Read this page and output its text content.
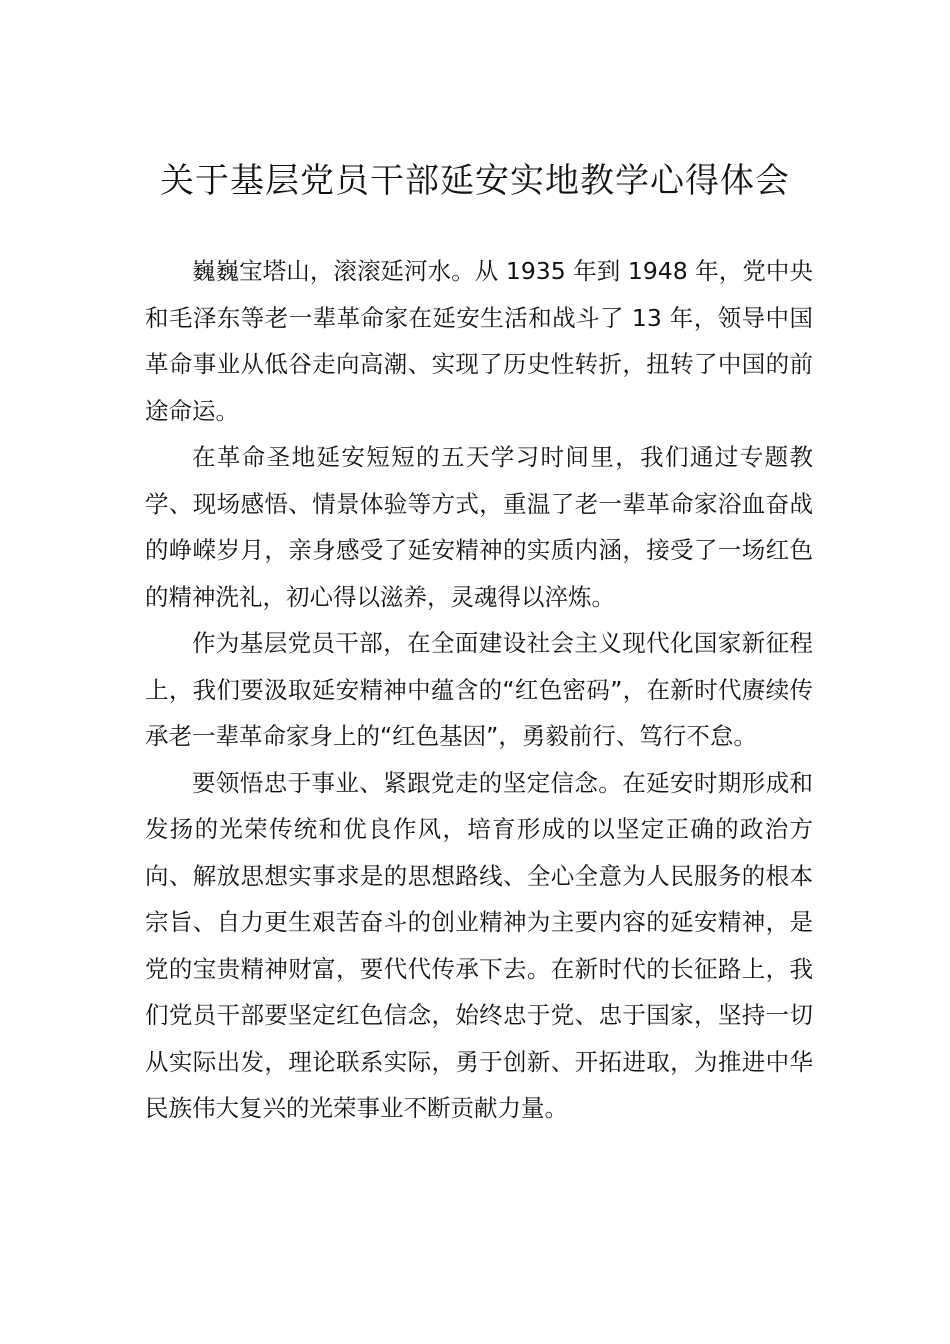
关于基层党员干部延安实地教学心得体会

巍巍宝塔山，滚滚延河水。从 1935 年到 1948 年，党中央和毛泽东等老一辈革命家在延安生活和战斗了 13 年，领导中国革命事业从低谷走向高潮、实现了历史性转折，扭转了中国的前途命运。

在革命圣地延安短短的五天学习时间里，我们通过专题教学、现场感悟、情景体验等方式，重温了老一辈革命家浴血奋战的峥嵘岁月，亲身感受了延安精神的实质内涵，接受了一场红色的精神洗礼，初心得以滋养，灵魂得以淬炼。

作为基层党员干部，在全面建设社会主义现代化国家新征程上，我们要汲取延安精神中蕴含的“红色密码”，在新时代赓续传承老一辈革命家身上的“红色基因”，勇毅前行、笃行不怠。

要领悟忠于事业、紧跟党走的坚定信念。在延安时期形成和发扬的光荣传统和优良作风，培育形成的以坚定正确的政治方向、解放思想实事求是的思想路线、全心全意为人民服务的根本宗旨、自力更生艰苦奋斗的创业精神为主要内容的延安精神，是党的宝贵精神财富，要代代传承下去。在新时代的长征路上，我们党员干部要坚定红色信念，始终忠于党、忠于国家，坚持一切从实际出发，理论联系实际，勇于创新、开拓进取，为推进中华民族伟大复兴的光荣事业不断贡献力量。
